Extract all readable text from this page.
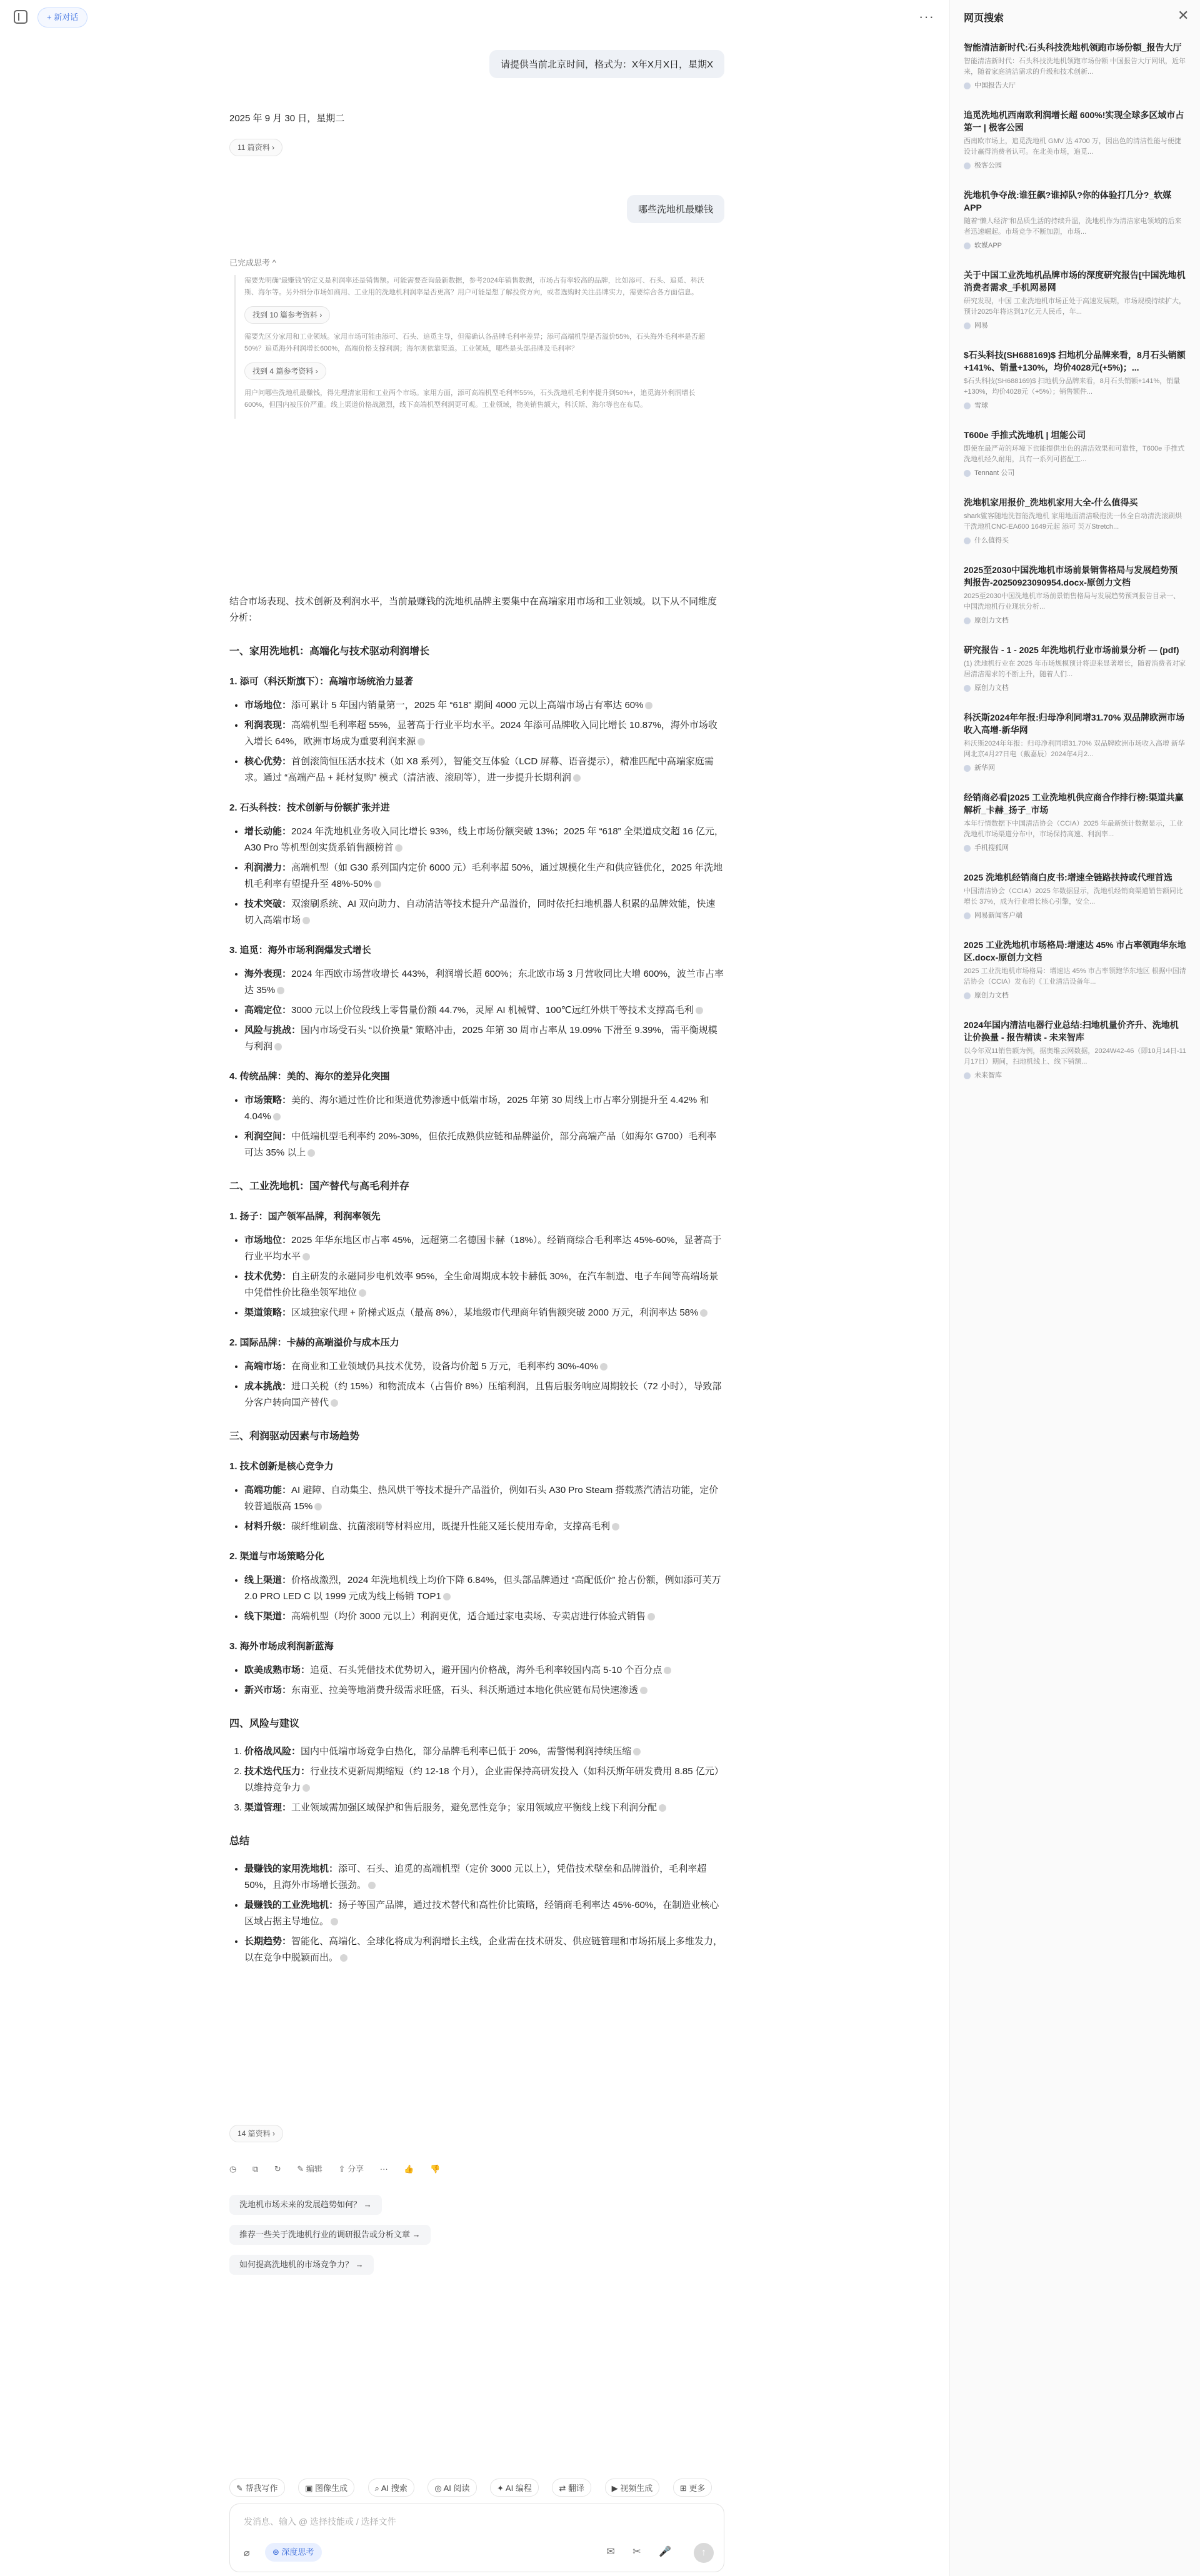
+ 新对话	···
请提供当前北京时间，格式为：X年X月X日，星期X
2025 年 9 月 30 日，星期二
11 篇资料 ›
哪些洗地机最赚钱
已完成思考 ^

需要先明确“最赚钱”的定义是利润率还是销售额。可能需要查询最新数据，参考2024年销售数据，市场占有率较高的品牌，比如添可、石头、追觅、科沃斯、海尔等。另外细分市场如商用、工业用的洗地机利润率是否更高？用户可能是想了解投资方向，或者选购时关注品牌实力，需要综合各方面信息。

找到 10 篇参考资料 ›

需要先区分家用和工业领域。家用市场可能由添可、石头、追觅主导，但需确认各品牌毛利率差异；添可高端机型是否溢价55%，石头海外毛利率是否超50%？追觅海外利润增长600%，高端价格支撑利润；海尔则依靠渠道。工业领域，哪些是头部品牌及毛利率？

找到 4 篇参考资料 ›

用户问哪些洗地机最赚钱，得先理清家用和工业两个市场。家用方面，添可高端机型毛利率55%，石头洗地机毛利率提升到50%+，追觅海外利润增长600%，但国内被压价严重。线上渠道价格战激烈，线下高端机型利润更可观。工业领域，物美销售额大，科沃斯、海尔等也在布局。

结合市场表现、技术创新及利润水平，当前最赚钱的洗地机品牌主要集中在高端家用市场和工业领域。以下从不同维度分析：

一、家用洗地机：高端化与技术驱动利润增长
1. 添可（科沃斯旗下）：高端市场统治力显著
• 市场地位：添可累计 5 年国内销量第一，2025 年 “618” 期间 4000 元以上高端市场占有率达 60%
• 利润表现：高端机型毛利率超 55%，显著高于行业平均水平。2024 年添可品牌收入同比增长 10.87%，海外市场收入增长 64%，欧洲市场成为重要利润来源
• 核心优势：首创滚筒恒压活水技术（如 X8 系列），智能交互体验（LCD 屏幕、语音提示），精准匹配中高端家庭需求。通过 “高端产品 + 耗材复购” 模式（清洁液、滚刷等），进一步提升长期利润
2. 石头科技：技术创新与份额扩张并进
• 增长动能：2024 年洗地机业务收入同比增长 93%，线上市场份额突破 13%；2025 年 “618” 全渠道成交超 16 亿元，A30 Pro 等机型创实货系销售额榜首
• 利润潜力：高端机型（如 G30 系列国内定价 6000 元）毛利率超 50%，通过规模化生产和供应链优化，2025 年洗地机毛利率有望提升至 48%-50%
• 技术突破：双滚刷系统、AI 双向助力、自动清洁等技术提升产品溢价，同时依托扫地机器人积累的品牌效能，快速切入高端市场
3. 追觅：海外市场利润爆发式增长
• 海外表现：2024 年西欧市场营收增长 443%，利润增长超 600%；东北欧市场 3 月营收同比大增 600%，波兰市占率达 35%
• 高端定位：3000 元以上价位段线上零售量份额 44.7%，灵犀 AI 机械臂、100℃远红外烘干等技术支撑高毛利
• 风险与挑战：国内市场受石头 “以价换量” 策略冲击，2025 年第 30 周市占率从 19.09% 下滑至 9.39%，需平衡规模与利润
4. 传统品牌：美的、海尔的差异化突围
• 市场策略：美的、海尔通过性价比和渠道优势渗透中低端市场，2025 年第 30 周线上市占率分别提升至 4.42% 和 4.04%
• 利润空间：中低端机型毛利率约 20%-30%，但依托成熟供应链和品牌溢价，部分高端产品（如海尔 G700）毛利率可达 35% 以上
二、工业洗地机：国产替代与高毛利并存
1. 扬子：国产领军品牌，利润率领先
• 市场地位：2025 年华东地区市占率 45%，远超第二名德国卡赫（18%）。经销商综合毛利率达 45%-60%，显著高于行业平均水平
• 技术优势：自主研发的永磁同步电机效率 95%，全生命周期成本较卡赫低 30%，在汽车制造、电子车间等高端场景中凭借性价比稳坐领军地位
• 渠道策略：区域独家代理 + 阶梯式返点（最高 8%），某地级市代理商年销售额突破 2000 万元，利润率达 58%
2. 国际品牌：卡赫的高端溢价与成本压力
• 高端市场：在商业和工业领域仍具技术优势，设备均价超 5 万元，毛利率约 30%-40%
• 成本挑战：进口关税（约 15%）和物流成本（占售价 8%）压缩利润，且售后服务响应周期较长（72 小时），导致部分客户转向国产替代
三、利润驱动因素与市场趋势
1. 技术创新是核心竞争力
• 高端功能：AI 避障、自动集尘、热风烘干等技术提升产品溢价，例如石头 A30 Pro Steam 搭载蒸汽清洁功能，定价较普通版高 15%
• 材料升级：碳纤维刷盘、抗菌滚刷等材料应用，既提升性能又延长使用寿命，支撑高毛利
2. 渠道与市场策略分化
• 线上渠道：价格战激烈，2024 年洗地机线上均价下降 6.84%，但头部品牌通过 “高配低价” 抢占份额，例如添可芙万 2.0 PRO LED C 以 1999 元成为线上畅销 TOP1
• 线下渠道：高端机型（均价 3000 元以上）利润更优，适合通过家电卖场、专卖店进行体验式销售
3. 海外市场成利润新蓝海
• 欧美成熟市场：追觅、石头凭借技术优势切入，避开国内价格战，海外毛利率较国内高 5-10 个百分点
• 新兴市场：东南亚、拉美等地消费升级需求旺盛，石头、科沃斯通过本地化供应链布局快速渗透
四、风险与建议
1. 价格战风险：国内中低端市场竞争白热化，部分品牌毛利率已低于 20%，需警惕利润持续压缩
2. 技术迭代压力：行业技术更新周期缩短（约 12-18 个月），企业需保持高研发投入（如科沃斯年研发费用 8.85 亿元）以维持竞争力
3. 渠道管理：工业领域需加强区域保护和售后服务，避免恶性竞争；家用领域应平衡线上线下利润分配
总结
• 最赚钱的家用洗地机：添可、石头、追觅的高端机型（定价 3000 元以上），凭借技术壁垒和品牌溢价，毛利率超 50%，且海外市场增长强劲。
• 最赚钱的工业洗地机：扬子等国产品牌，通过技术替代和高性价比策略，经销商毛利率达 45%-60%，在制造业核心区域占据主导地位。
• 长期趋势：智能化、高端化、全球化将成为利润增长主线，企业需在技术研发、供应链管理和市场拓展上多维发力，以在竞争中脱颖而出。
14 篇资料 ›
◷ ⧉ ↻ ✎ 编辑 ⇪ 分享 ··· 👍 👎
洗地机市场未来的发展趋势如何？ →
推荐一些关于洗地机行业的调研报告或分析文章 →
如何提高洗地机的市场竞争力？ →
✎ 帮我写作	▣ 图像生成	⌕ AI 搜索	◎ AI 阅读	✦ AI 编程	⇄ 翻译	▶ 视频生成	⊞ 更多
发消息、输入 @ 选择技能或 / 选择文件
⌀	⊛ 深度思考	✉ ✂ 🎤	↑
网页搜索	✕
智能清洁新时代:石头科技洗地机领跑市场份额_报告大厅
智能清洁新时代：石头科技洗地机领跑市场份额 中国报告大厅网讯，近年来，随着家庭清洁需求的升级和技术创新...
中国报告大厅
追觅洗地机西南欧利润增长超 600%!实现全球多区域市占第一 | 极客公园
西南欧市场上，追觅洗地机 GMV 达 4700 万，因出色的清洁性能与便捷设计赢得消费者认可。在北美市场，追觅...
极客公园
洗地机争夺战:谁狂飙?谁掉队?你的体验打几分?_软媒APP
随着“懒人经济”和品质生活的持续升温，洗地机作为清洁家电领域的后来者迅速崛起。市场竞争不断加剧，市场...
软媒APP
关于中国工业洗地机品牌市场的深度研究报告[中国洗地机消费者需求_手机网易网
研究发现，中国 工业洗地机市场正处于高速发展期，市场规模持续扩大，预计2025年将达到17亿元人民币，年...
网易
$石头科技(SH688169)$ 扫地机分品牌来看，8月石头销额+141%、销量+130%，均价4028元(+5%)；...
$石头科技(SH688169)$ 扫地机分品牌来看，8月石头销额+141%，销量+130%，均价4028元（+5%）；销售额件...
雪球
T600e 手推式洗地机 | 坦能公司
即使在最严苛的环境下也能提供出色的清洁效果和可靠性，T600e 手推式洗地机经久耐用，具有一系列可搭配工...
Tennant 公司
洗地机家用报价_洗地机家用大全-什么值得买
shark鲨客随地洗智能洗地机 家用地面清洁吸拖洗一体全自动清洗滚刷烘干洗地机CNC-EA600 1649元起 添可 芙万Stretch...
什么值得买
2025至2030中国洗地机市场前景销售格局与发展趋势预判报告-20250923090954.docx-原创力文档
2025至2030中国洗地机市场前景销售格局与发展趋势预判报告目录一、中国洗地机行业现状分析...
原创力文档
研究报告 - 1 - 2025 年洗地机行业市场前景分析 — (pdf)
(1) 洗地机行业在 2025 年市场规模预计将迎来显著增长，随着消费者对家居清洁需求的不断上升，随着人们...
原创力文档
科沃斯2024年年报:归母净利同增31.70% 双品牌欧洲市场收入高增-新华网
科沃斯2024年年报：归母净利同增31.70% 双品牌欧洲市场收入高增 新华网北京4月27日电（戴嘉辰）2024年4月2...
新华网
经销商必看|2025 工业洗地机供应商合作排行榜:渠道共赢解析_卡赫_扬子_市场
本年行情数据下中国清洁协会（CCIA）2025 年最新统计数据显示，工业洗地机市场渠道分布中，市场保持高速、利润率...
手机搜狐网
2025 洗地机经销商白皮书:增速全链路扶持或代理首选
中国清洁协会（CCIA）2025 年数据显示，洗地机经销商渠道销售额同比增长 37%，成为行业增长核心引擎，安全...
网易新闻客户端
2025 工业洗地机市场格局:增速达 45% 市占率领跑华东地区.docx-原创力文档
2025 工业洗地机市场格局：增速达 45% 市占率领跑华东地区 根据中国清洁协会（CCIA）发布的《工业清洁设备年...
原创力文档
2024年国内清洁电器行业总结:扫地机量价齐升、洗地机让价换量 - 报告精读 - 未来智库
以今年双11销售额为例，据奥维云网数据，2024W42-46（即10月14日-11月17日）期间，扫地机线上、线下销额...
未来智库
